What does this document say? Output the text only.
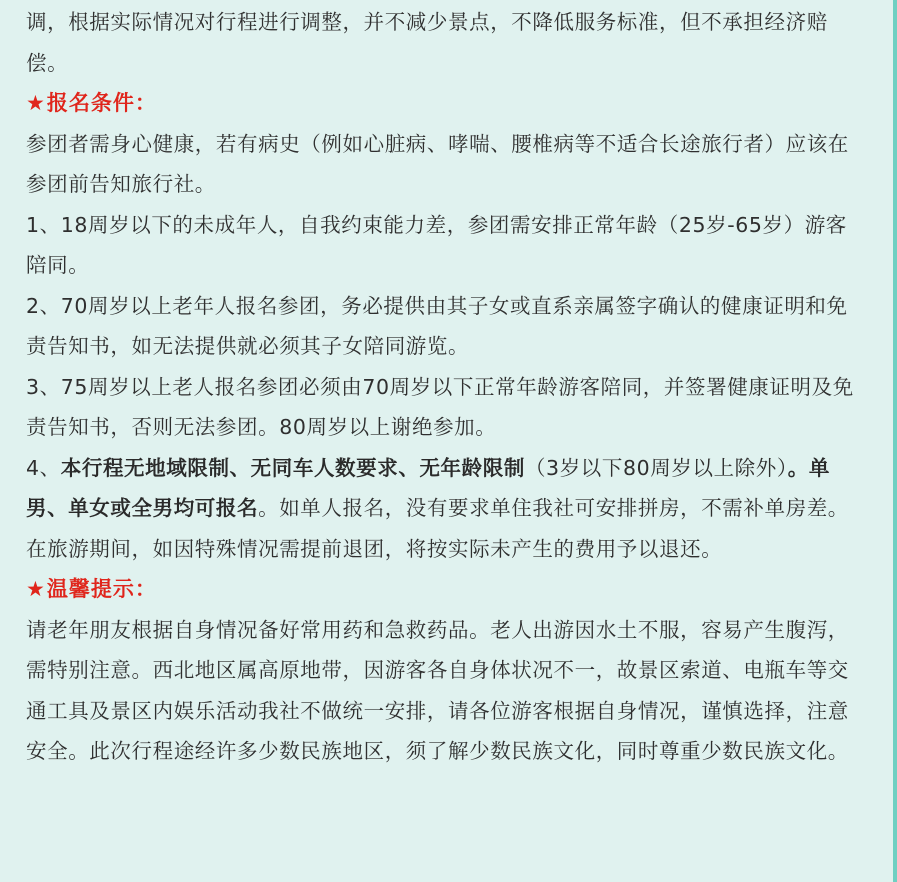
调，根据实际情况对行程进行调整，并不减少景点，不降低服务标准，但不承担经济赔偿。

★报名条件：

参团者需身心健康，若有病史（例如心脏病、哮喘、腰椎病等不适合长途旅行者）应该在参团前告知旅行社。

1、18周岁以下的未成年人，自我约束能力差，参团需安排正常年龄（25岁-65岁）游客陪同。

2、70周岁以上老年人报名参团，务必提供由其子女或直系亲属签字确认的健康证明和免责告知书，如无法提供就必须其子女陪同游览。

3、75周岁以上老人报名参团必须由70周岁以下正常年龄游客陪同，并签署健康证明及免责告知书，否则无法参团。80周岁以上谢绝参加。

4、本行程无地域限制、无同车人数要求、无年龄限制（3岁以下80周岁以上除外）。单男、单女或全男均可报名。如单人报名，没有要求单住我社可安排拼房，不需补单房差。在旅游期间，如因特殊情况需提前退团，将按实际未产生的费用予以退还。

★温馨提示：

请老年朋友根据自身情况备好常用药和急救药品。老人出游因水土不服，容易产生腹泻，需特别注意。西北地区属高原地带，因游客各自身体状况不一，故景区索道、电瓶车等交通工具及景区内娱乐活动我社不做统一安排，请各位游客根据自身情况，谨慎选择，注意安全。此次行程途经许多少数民族地区，须了解少数民族文化，同时尊重少数民族文化。
